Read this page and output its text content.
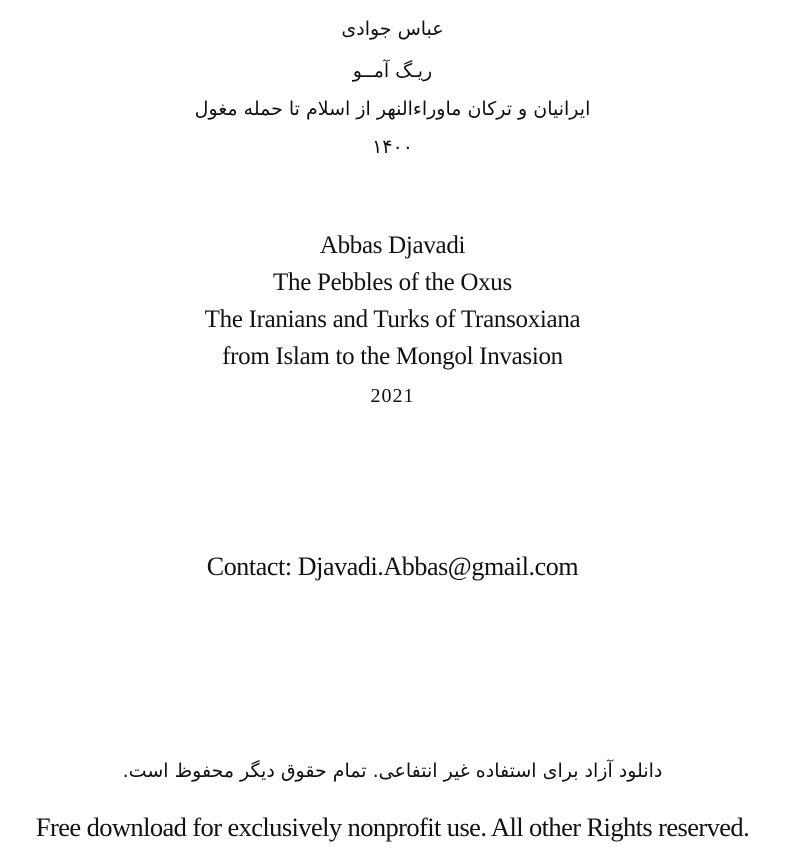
عباس جوادی
ریـگ آمــو
ایرانیان و ترکان ماوراءالنهر از اسلام تا حمله مغول
۱۴۰۰
Abbas Djavadi
The Pebbles of the Oxus
The Iranians and Turks of Transoxiana
from Islam to the Mongol Invasion
2021
Contact: Djavadi.Abbas@gmail.com
دانلود آزاد برای استفاده غیر انتفاعی. تمام حقوق دیگر محفوظ است.
Free download for exclusively nonprofit use. All other Rights reserved.
